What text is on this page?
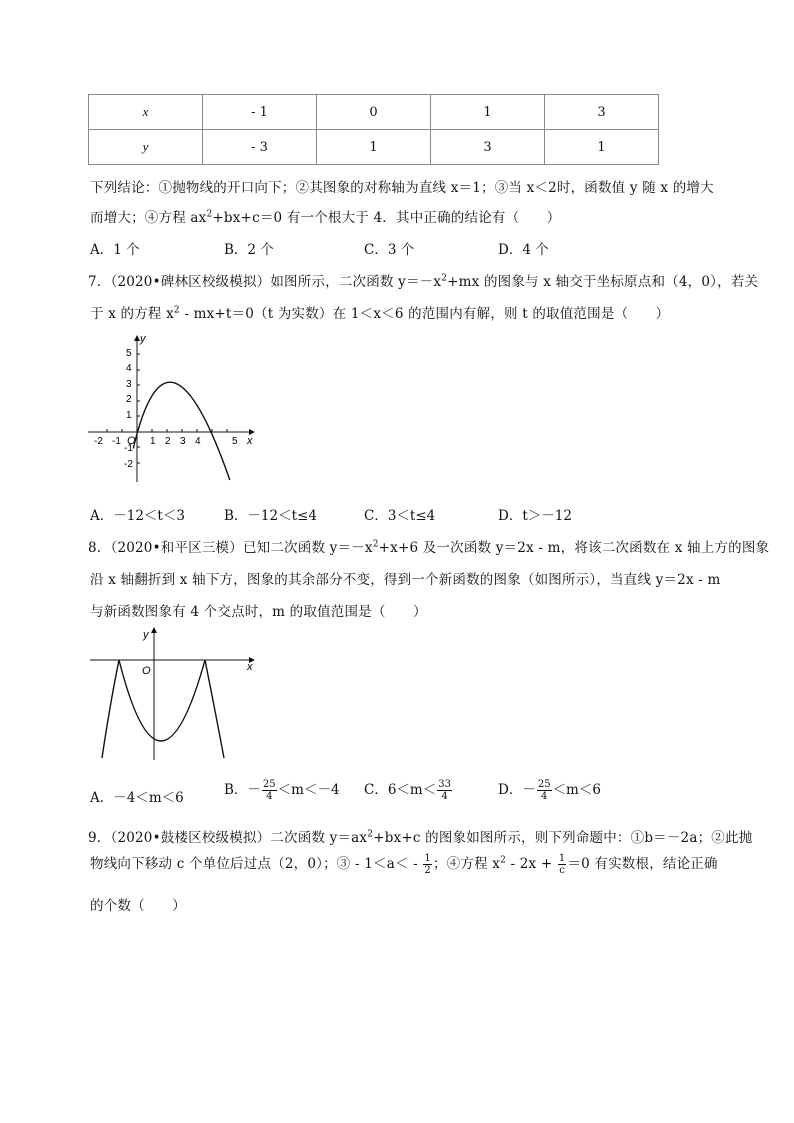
x	- 1	0	1	3
y	- 3	1	3	1
下列结论：①抛物线的开口向下；②其图象的对称轴为直线 x＝1；③当 x＜2时，函数值 y 随 x 的增大
而增大；④方程 $ax^2+bx+c=0$ 有一个根大于 4．其中正确的结论有（　　）
A．1 个	B．2 个	C．3 个	D．4 个
7．（2020•碑林区校级模拟）如图所示，二次函数 $y=-x^2+mx$ 的图象与 x 轴交于坐标原点和（4，0），若关
于 x 的方程 $x^2 - mx+t=0(t$ 为实数）在 1＜x＜6 的范围内有解，则 t 的取值范围是（　　）
y
x
5
4
3
2
1
-1
-2
-2 -1	1 2 3 4	5
O
A．－12＜t＜3	B．－12＜t≤4	C．3＜t≤4	D．t＞－12
8．（2020•和平区三模）已知二次函数 $y=-x^2+x+6$ 及一次函数 y＝2x - m，将该二次函数在 x 轴上方的图象
沿 x 轴翻折到 x 轴下方，图象的其余部分不变，得到一个新函数的图象（如图所示），当直线 y＝2x - m
与新函数图象有 4 个交点时，m 的取值范围是（　　）
y
x
O
A．－4＜m＜6	B．－ $\frac{25}{4} <m<-4$ C．$6<m< \frac{33}{4}$	D．－ $\frac{25}{4} <m<6$
9．（2020•鼓楼区校级模拟）二次函数 $y=ax^2+bx+c$ 的图象如图所示，则下列命题中：①b＝－2a；②此抛
物线向下移动 c 个单位后过点（2，0）；③ - $1<a< - \frac{1}{2}$ ；④方程 $x^2 - 2x + \frac{1}{c} =0$ 有实数根，结论正确
的个数（　　）
